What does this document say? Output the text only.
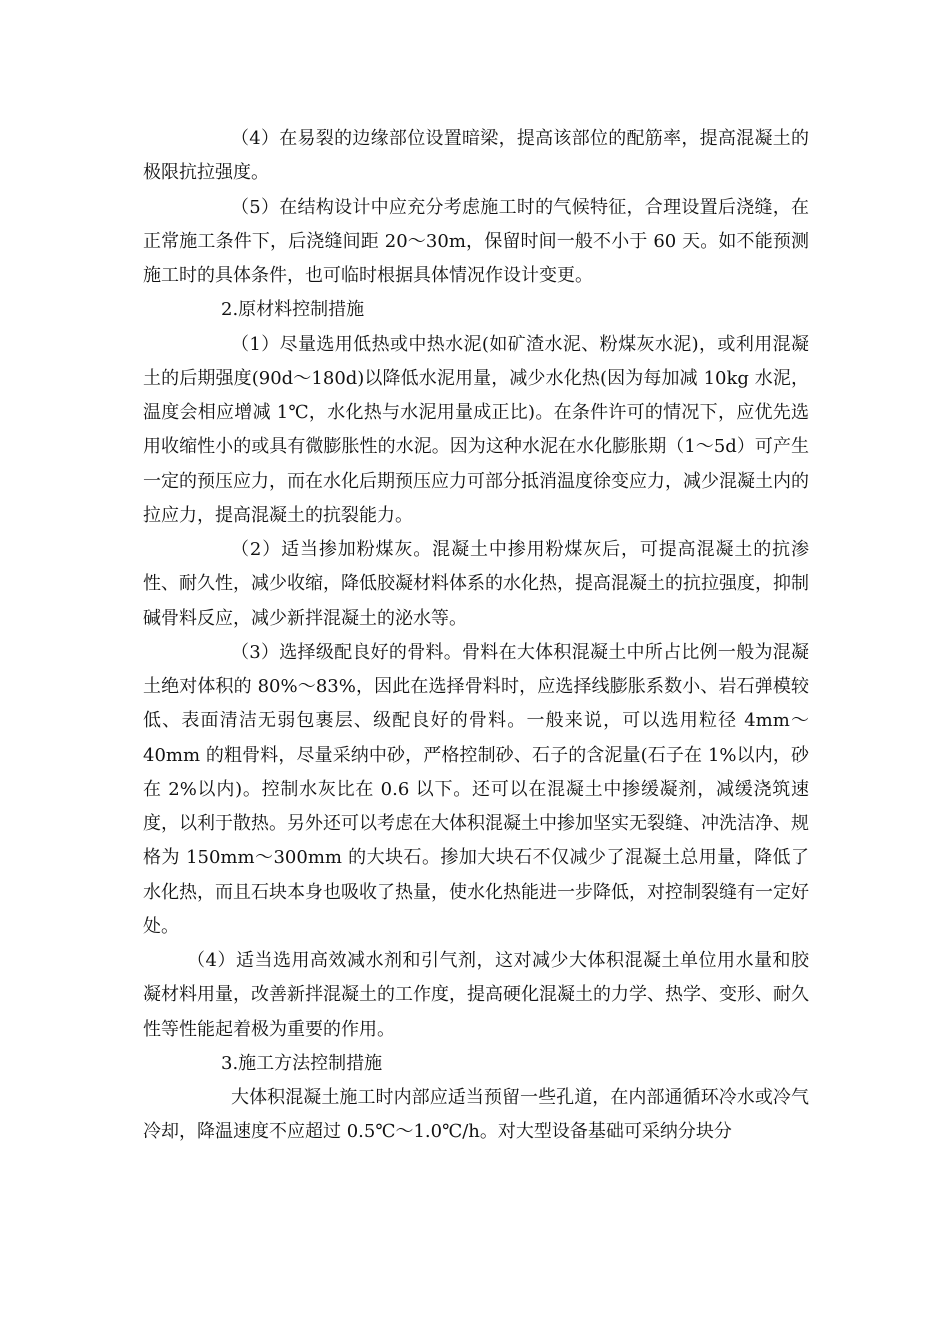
（4）在易裂的边缘部位设置暗梁，提高该部位的配筋率，提高混凝土的极限抗拉强度。

（5）在结构设计中应充分考虑施工时的气候特征，合理设置后浇缝，在正常施工条件下，后浇缝间距 20～30m，保留时间一般不小于 60 天。如不能预测施工时的具体条件，也可临时根据具体情况作设计变更。

2.原材料控制措施

（1）尽量选用低热或中热水泥(如矿渣水泥、粉煤灰水泥)，或利用混凝土的后期强度(90d～180d)以降低水泥用量，减少水化热(因为每加减 10kg 水泥，温度会相应增减 1℃，水化热与水泥用量成正比)。在条件许可的情况下，应优先选用收缩性小的或具有微膨胀性的水泥。因为这种水泥在水化膨胀期（1～5d）可产生一定的预压应力，而在水化后期预压应力可部分抵消温度徐变应力，减少混凝土内的拉应力，提高混凝土的抗裂能力。

（2）适当掺加粉煤灰。混凝土中掺用粉煤灰后，可提高混凝土的抗渗性、耐久性，减少收缩，降低胶凝材料体系的水化热，提高混凝土的抗拉强度，抑制碱骨料反应，减少新拌混凝土的泌水等。

（3）选择级配良好的骨料。骨料在大体积混凝土中所占比例一般为混凝土绝对体积的 80%～83%，因此在选择骨料时，应选择线膨胀系数小、岩石弹模较低、表面清洁无弱包裹层、级配良好的骨料。一般来说，可以选用粒径 4mm～40mm 的粗骨料，尽量采纳中砂，严格控制砂、石子的含泥量(石子在 1%以内，砂在 2%以内)。控制水灰比在 0.6 以下。还可以在混凝土中掺缓凝剂，减缓浇筑速度，以利于散热。另外还可以考虑在大体积混凝土中掺加坚实无裂缝、冲洗洁净、规格为 150mm～300mm 的大块石。掺加大块石不仅减少了混凝土总用量，降低了水化热，而且石块本身也吸收了热量，使水化热能进一步降低，对控制裂缝有一定好处。

（4）适当选用高效减水剂和引气剂，这对减少大体积混凝土单位用水量和胶凝材料用量，改善新拌混凝土的工作度，提高硬化混凝土的力学、热学、变形、耐久性等性能起着极为重要的作用。

3.施工方法控制措施

大体积混凝土施工时内部应适当预留一些孔道，在内部通循环冷水或冷气冷却，降温速度不应超过 0.5℃～1.0℃/h。对大型设备基础可采纳分块分
